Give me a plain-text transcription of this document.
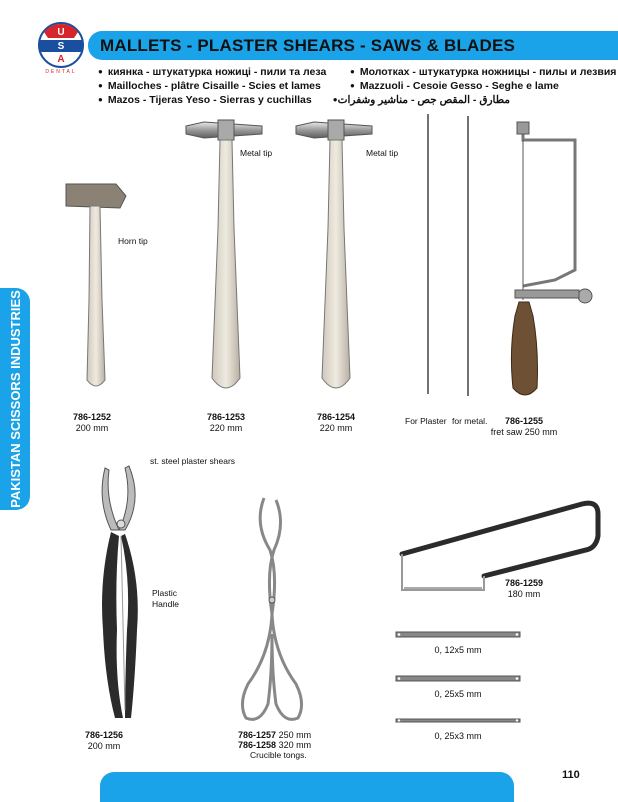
MALLETS - PLASTER SHEARS - SAWS & BLADES
U
S
A
DENTAL
●	киянка - штукатурка ножиці - пили та леза
● Mailloches - plâtre Cisaille - Scies et lames
● Mazos - Tijeras Yeso - Sierras y cuchillas
● Молотках - штукатурка ножницы - пилы и лезвия
● Mazzuoli - Cesoie Gesso - Seghe e lame
مطارق - المقص جص - مناشير وشفرات ●
PAKISTAN SCISSORS INDUSTRIES
Horn tip
786-1252
200 mm
Metal tip
786-1253
220 mm
Metal tip
786-1254
220 mm
For Plaster for metal.	786-1255
fret saw 250 mm
st. steel plaster shears
Plastic
Handle
786-1256
200 mm
786-1257 250 mm
786-1258 320 mm
Crucible tongs.
786-1259
180 mm
0, 12x5 mm
0, 25x5 mm
0, 25x3 mm
110
